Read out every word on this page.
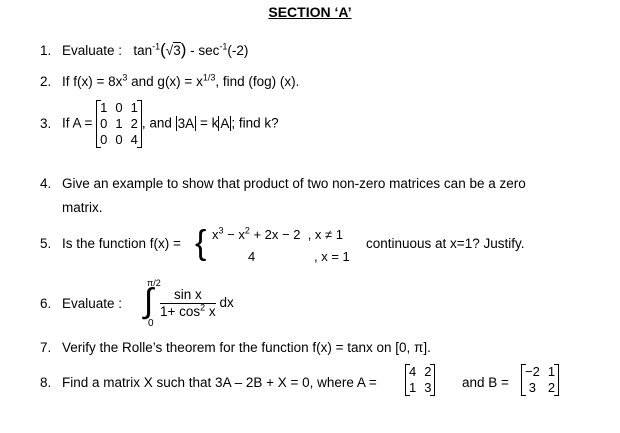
SECTION ‘A’
1. Evaluate : $\tan^{-1}(√3) - \sec^{-1}(-2)$
2. If $f(x) = 8x^3$ and $g(x) = x^{1/3}$, find (fog) (x).
3. If A =
1	0	1
0	1	2
0	0	4
, and 3A = k A ; find k?
4. Give an example to show that product of two non-zero matrices can be a zero
matrix.
5. Is the function f(x) = { $x^3 - x^2 + 2x - 2$ , x ≠ 1
4	, x = 1
continuous at x=1? Justify.
6. Evaluate :
π/2
∫
0
$\frac{\text{sin x}}{1+ \cos^2 x}$ dx
7. Verify the Rolle’s theorem for the function f(x) = tanx on [0, π].
8. Find a matrix X such that 3A – 2B + X = 0, where A =
4	2
1	3 and B =
−2	1
3	2
